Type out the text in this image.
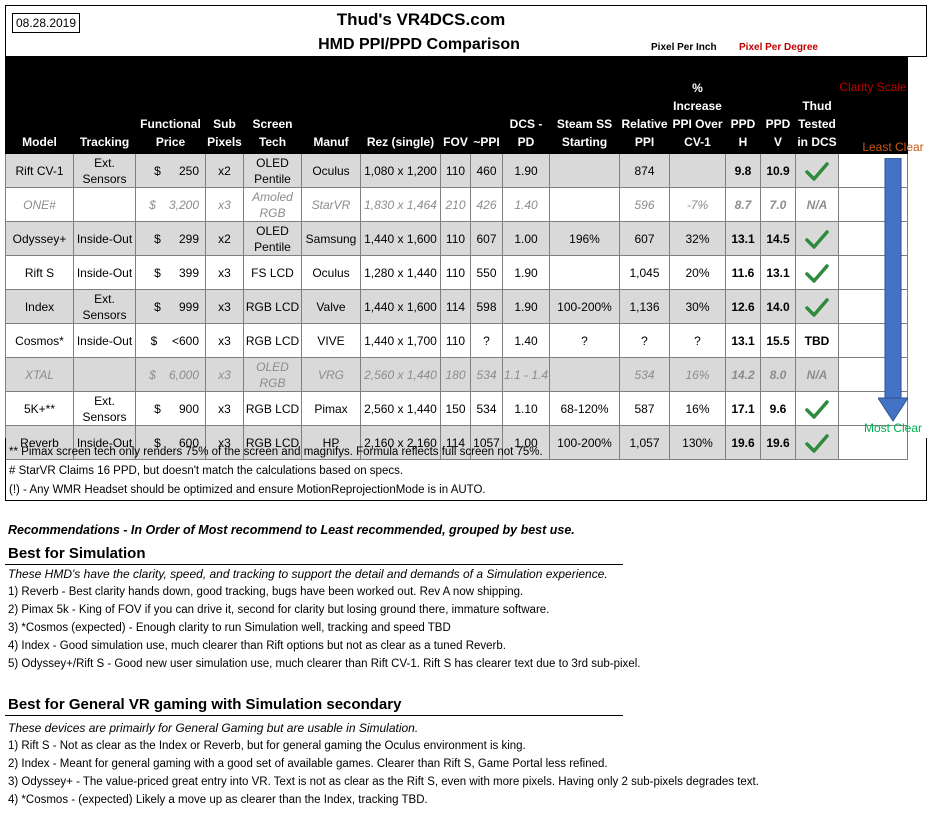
08.28.2019	Thud's VR4DCS.com
HMD PPI/PPD Comparison	Pixel Per Inch Pixel Per Degree
Model	Tracking	Functional Price	Sub Pixels	Screen Tech	Manuf	Rez (single)	FOV	~PPI	DCS - PD	Steam SS Starting	Relative PPI	% Increase PPI Over CV-1	PPD H	PPD V	Thud Tested in DCS	Clarity Scale
Rift CV-1	Ext. Sensors	$ 250	x2	OLED Pentile	Oculus	1,080 x 1,200	110	460	1.90		874		9.8	10.9	

ONE#		$ 3,200	x3	Amoled RGB	StarVR	1,830 x 1,464	210	426	1.40		596	-7%	8.7	7.0	N/A	
Odyssey+	Inside-Out	$ 299	x2	OLED Pentile	Samsung	1,440 x 1,600	110	607	1.00	196%	607	32%	13.1	14.5	

Rift S	Inside-Out	$ 399	x3	FS LCD	Oculus	1,280 x 1,440	110	550	1.90		1,045	20%	11.6	13.1	

Index	Ext. Sensors	$ 999	x3	RGB LCD	Valve	1,440 x 1,600	114	598	1.90	100-200%	1,136	30%	12.6	14.0	

Cosmos*	Inside-Out	$ <600	x3	RGB LCD	VIVE	1,440 x 1,700	110	?	1.40	?	?	?	13.1	15.5	TBD	
XTAL		$ 6,000	x3	OLED RGB	VRG	2,560 x 1,440	180	534	1.1 - 1.4		534	16%	14.2	8.0	N/A	
5K+**	Ext. Sensors	$ 900	x3	RGB LCD	Pimax	2,560 x 1,440	150	534	1.10	68-120%	587	16%	17.1	9.6	

Reverb	Inside-Out	$ 600	x3	RGB LCD	HP	2,160 x 2,160	114	1057	1.00	100-200%	1,057	130%	19.6	19.6	

Least Clear
Most Clear
** Pimax screen tech only renders 75% of the screen and magnifys. Formula reflects full screen not 75%.
# StarVR Claims 16 PPD, but doesn't match the calculations based on specs.
(!) - Any WMR Headset should be optimized and ensure MotionReprojectionMode is in AUTO.
Recommendations - In Order of Most recommend to Least recommended, grouped by best use.
Best for Simulation
These HMD's have the clarity, speed, and tracking to support the detail and demands of a Simulation experience.
1) Reverb - Best clarity hands down, good tracking, bugs have been worked out. Rev A now shipping.
2) Pimax 5k - King of FOV if you can drive it, second for clarity but losing ground there, immature software.
3) *Cosmos (expected) - Enough clarity to run Simulation well, tracking and speed TBD
4) Index - Good simulation use, much clearer than Rift options but not as clear as a tuned Reverb.
5) Odyssey+/Rift S - Good new user simulation use, much clearer than Rift CV-1. Rift S has clearer text due to 3rd sub-pixel.
Best for General VR gaming with Simulation secondary
These devices are primairly for General Gaming but are usable in Simulation.
1) Rift S - Not as clear as the Index or Reverb, but for general gaming the Oculus environment is king.
2) Index - Meant for general gaming with a good set of available games. Clearer than Rift S, Game Portal less refined.
3) Odyssey+ - The value-priced great entry into VR. Text is not as clear as the Rift S, even with more pixels. Having only 2 sub-pixels degrades text.
4) *Cosmos - (expected) Likely a move up as clearer than the Index, tracking TBD.
